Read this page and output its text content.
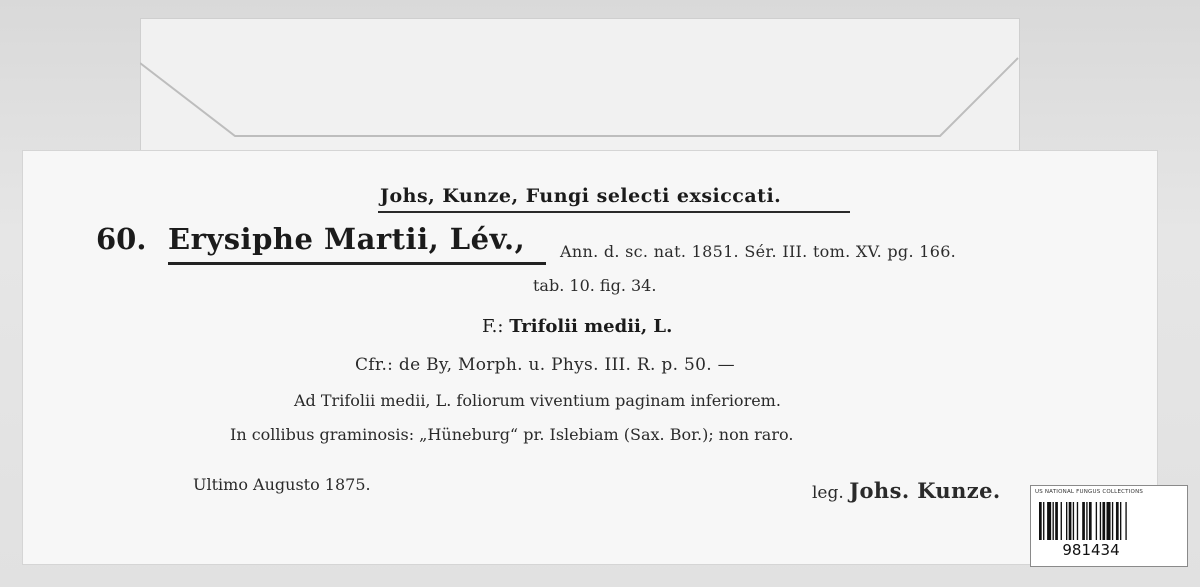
Johs, Kunze, Fungi selecti exsiccati.
60. Erysiphe Martii, Lév., Ann. d. sc. nat. 1851. Sér. III. tom. XV. pg. 166.
tab. 10. fig. 34.
F.: Trifolii medii, L.
Cfr.: de By, Morph. u. Phys. III. R. p. 50. —
Ad Trifolii medii, L. foliorum viventium paginam inferiorem.
In collibus graminosis: „Hüneburg“ pr. Islebiam (Sax. Bor.); non raro.
Ultimo Augusto 1875.	leg. Johs. Kunze.	US NATIONAL FUNGUS COLLECTIONS
981434
